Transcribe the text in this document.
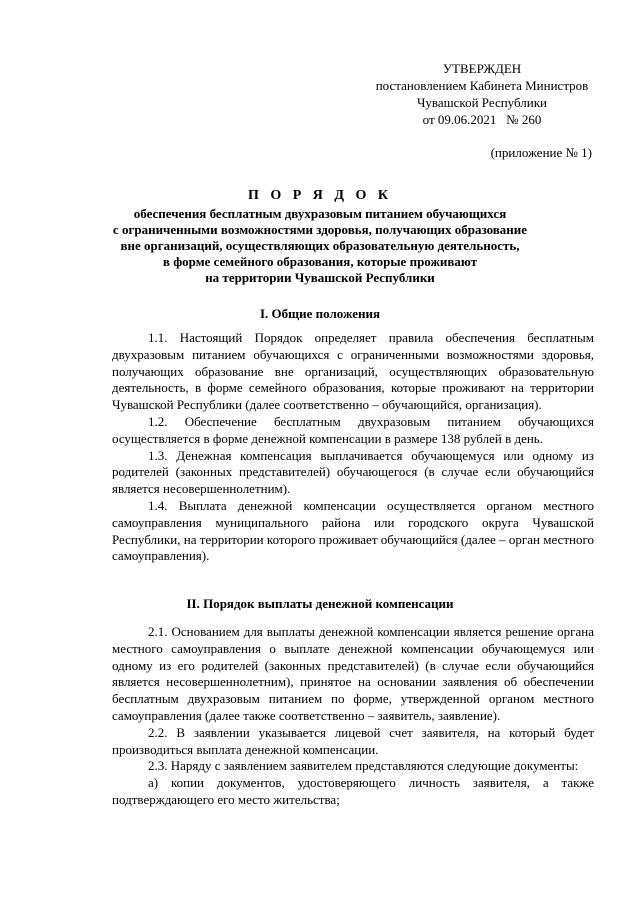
УТВЕРЖДЕН
постановлением Кабинета Министров
Чувашской Республики
от 09.06.2021   № 260
(приложение № 1)
П О Р Я Д О К
обеспечения бесплатным двухразовым питанием обучающихся
с ограниченными возможностями здоровья, получающих образование
вне организаций, осуществляющих образовательную деятельность,
в форме семейного образования, которые проживают
на территории Чувашской Республики
I. Общие положения

1.1. Настоящий Порядок определяет правила обеспечения бесплатным двухразовым питанием обучающихся с ограниченными возможностями здоровья, получающих образование вне организаций, осуществляющих образовательную деятельность, в форме семейного образования, которые проживают на территории Чувашской Республики (далее соответственно – обучающийся, организация).

1.2. Обеспечение бесплатным двухразовым питанием обучающихся осуществляется в форме денежной компенсации в размере 138 рублей в день.

1.3. Денежная компенсация выплачивается обучающемуся или одному из родителей (законных представителей) обучающегося (в случае если обучающийся является несовершеннолетним).

1.4. Выплата денежной компенсации осуществляется органом местного самоуправления муниципального района или городского округа Чувашской Республики, на территории которого проживает обучающийся (далее – орган местного самоуправления).

II. Порядок выплаты денежной компенсации

2.1. Основанием для выплаты денежной компенсации является решение органа местного самоуправления о выплате денежной компенсации обучающемуся или одному из его родителей (законных представителей) (в случае если обучающийся является несовершеннолетним), принятое на основании заявления об обеспечении бесплатным двухразовым питанием по форме, утвержденной органом местного самоуправления (далее также соответственно – заявитель, заявление).

2.2. В заявлении указывается лицевой счет заявителя, на который будет производиться выплата денежной компенсации.

2.3. Наряду с заявлением заявителем представляются следующие документы:

а) копии документов, удостоверяющего личность заявителя, а также подтверждающего его место жительства;
